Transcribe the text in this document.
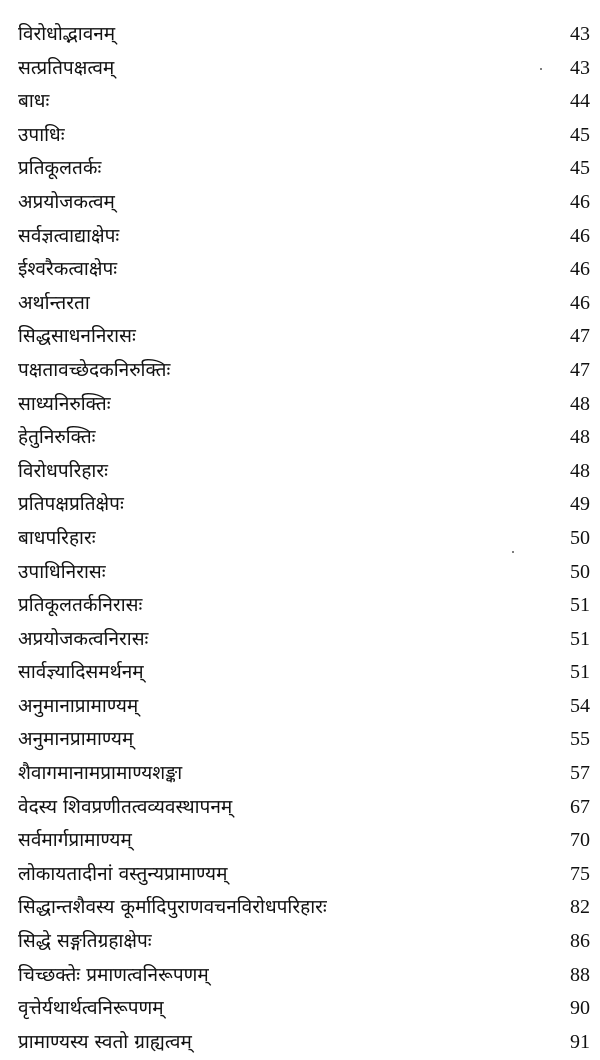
विरोधोद्भावनम्	43
सत्प्रतिपक्षत्वम्	43
बाधः	44
उपाधिः	45
प्रतिकूलतर्कः	45
अप्रयोजकत्वम्	46
सर्वज्ञत्वाद्याक्षेपः	46
ईश्वरैकत्वाक्षेपः	46
अर्थान्तरता	46
सिद्धसाधननिरासः	47
पक्षतावच्छेदकनिरुक्तिः	47
साध्यनिरुक्तिः	48
हेतुनिरुक्तिः	48
विरोधपरिहारः	48
प्रतिपक्षप्रतिक्षेपः	49
बाधपरिहारः	50
उपाधिनिरासः	50
प्रतिकूलतर्कनिरासः	51
अप्रयोजकत्वनिरासः	51
सार्वज्ञ्यादिसमर्थनम्	51
अनुमानाप्रामाण्यम्	54
अनुमानप्रामाण्यम्	55
शैवागमानामप्रामाण्यशङ्का	57
वेदस्य शिवप्रणीतत्वव्यवस्थापनम्	67
सर्वमार्गप्रामाण्यम्	70
लोकायतादीनां वस्तुन्यप्रामाण्यम्	75
सिद्धान्तशैवस्य कूर्मादिपुराणवचनविरोधपरिहारः	82
सिद्धे सङ्गतिग्रहाक्षेपः	86
चिच्छक्तेः प्रमाणत्वनिरूपणम्	88
वृत्तेर्यथार्थत्वनिरूपणम्	90
प्रामाण्यस्य स्वतो ग्राह्यत्वम्	91
